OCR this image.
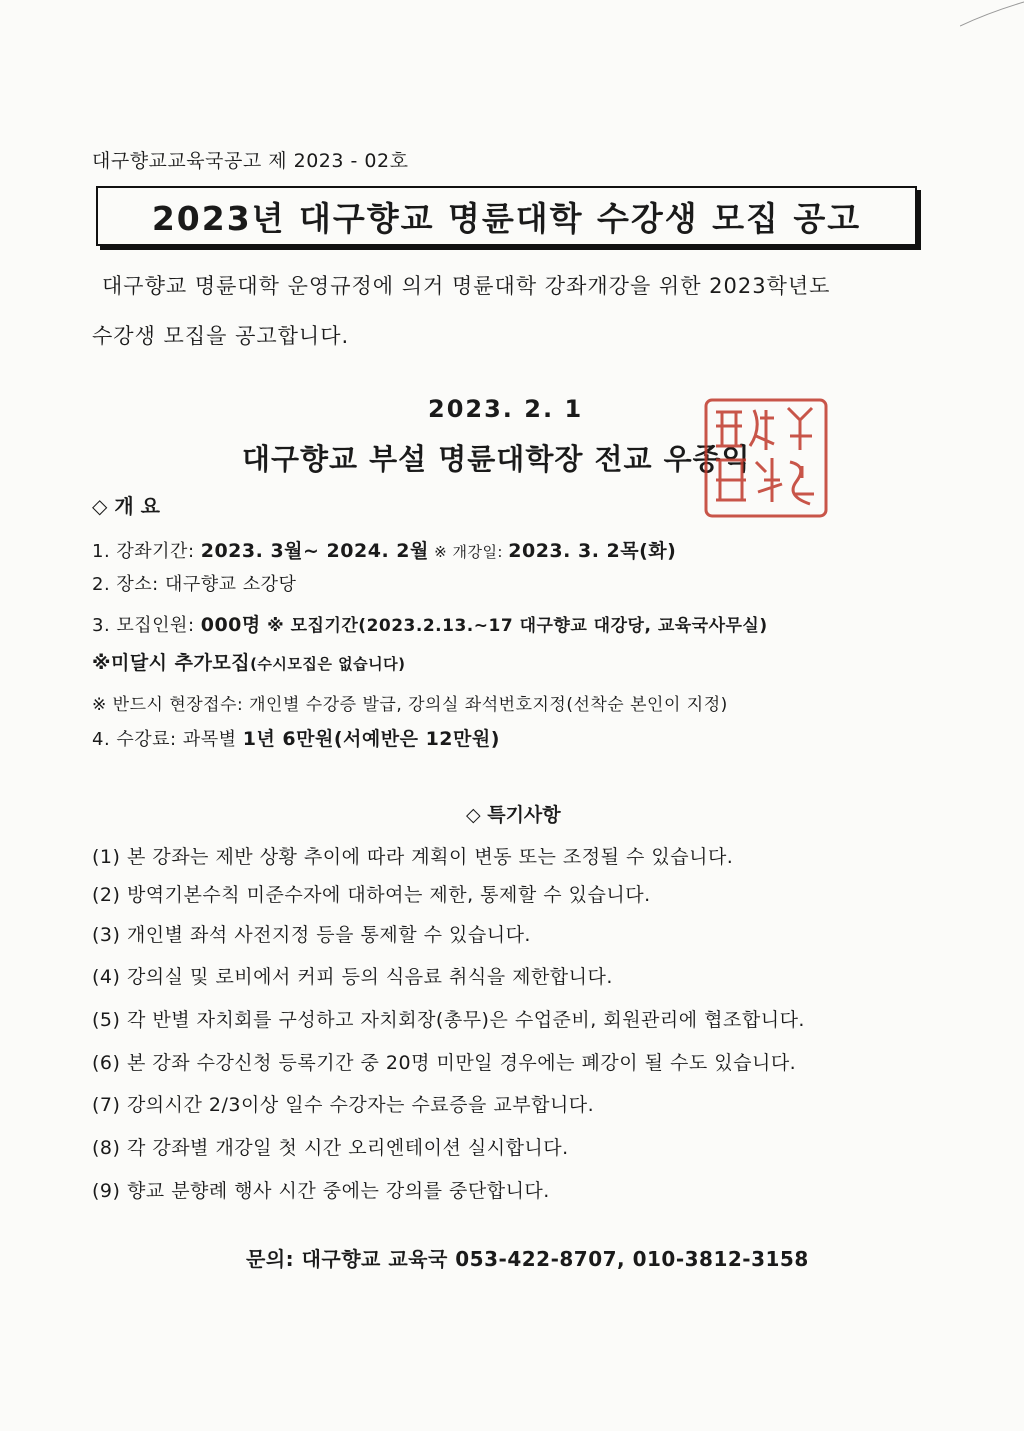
대구향교교육국공고 제 2023 - 02호
2023년 대구향교 명륜대학 수강생 모집 공고
대구향교 명륜대학 운영규정에 의거 명륜대학 강좌개강을 위한 2023학년도
수강생 모집을 공고합니다.
2023. 2. 1
대구향교 부설 명륜대학장 전교 우종익
◇ 개 요
1. 강좌기간: 2023. 3월~ 2024. 2월 ※ 개강일: 2023. 3. 2목(화)
2. 장소: 대구향교 소강당
3. 모집인원: 000명 ※ 모집기간(2023.2.13.~17 대구향교 대강당, 교육국사무실)
※미달시 추가모집(수시모집은 없습니다)
※ 반드시 현장접수: 개인별 수강증 발급, 강의실 좌석번호지정(선착순 본인이 지정)
4. 수강료: 과목별 1년 6만원(서예반은 12만원)
◇ 특기사항
(1) 본 강좌는 제반 상황 추이에 따라 계획이 변동 또는 조정될 수 있습니다.
(2) 방역기본수칙 미준수자에 대하여는 제한, 통제할 수 있습니다.
(3) 개인별 좌석 사전지정 등을 통제할 수 있습니다.
(4) 강의실 및 로비에서 커피 등의 식음료 취식을 제한합니다.
(5) 각 반별 자치회를 구성하고 자치회장(총무)은 수업준비, 회원관리에 협조합니다.
(6) 본 강좌 수강신청 등록기간 중 20명 미만일 경우에는 폐강이 될 수도 있습니다.
(7) 강의시간 2/3이상 일수 수강자는 수료증을 교부합니다.
(8) 각 강좌별 개강일 첫 시간 오리엔테이션 실시합니다.
(9) 향교 분향례 행사 시간 중에는 강의를 중단합니다.
문의: 대구향교 교육국 053-422-8707, 010-3812-3158
